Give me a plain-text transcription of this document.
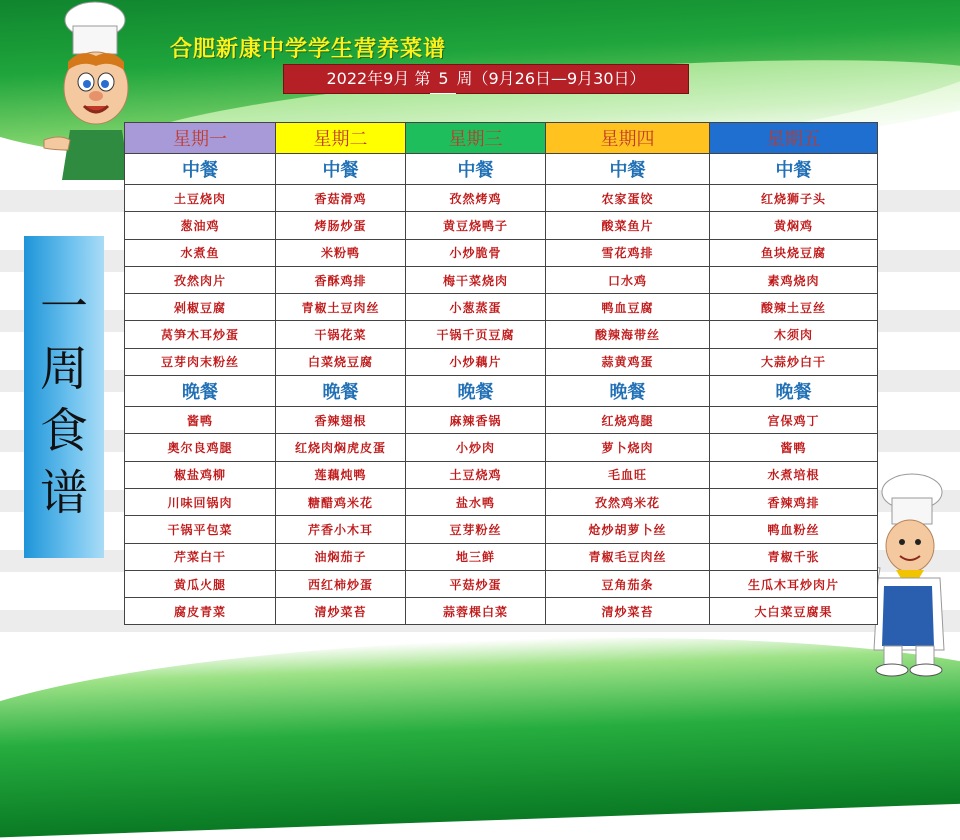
合肥新康中学学生营养菜谱
2022年9月 第 5 周（9月26日—9月30日）
一
周
食
谱
星期一	星期二	星期三	星期四	星期五
中餐	中餐	中餐	中餐	中餐
土豆烧肉	香菇滑鸡	孜然烤鸡	农家蛋饺	红烧狮子头
葱油鸡	烤肠炒蛋	黄豆烧鸭子	酸菜鱼片	黄焖鸡
水煮鱼	米粉鸭	小炒脆骨	雪花鸡排	鱼块烧豆腐
孜然肉片	香酥鸡排	梅干菜烧肉	口水鸡	素鸡烧肉
剁椒豆腐	青椒土豆肉丝	小葱蒸蛋	鸭血豆腐	酸辣土豆丝
莴笋木耳炒蛋	干锅花菜	干锅千页豆腐	酸辣海带丝	木须肉
豆芽肉末粉丝	白菜烧豆腐	小炒藕片	蒜黄鸡蛋	大蒜炒白干
晚餐	晚餐	晚餐	晚餐	晚餐
酱鸭	香辣翅根	麻辣香锅	红烧鸡腿	宫保鸡丁
奥尔良鸡腿	红烧肉焖虎皮蛋	小炒肉	萝卜烧肉	酱鸭
椒盐鸡柳	莲藕炖鸭	土豆烧鸡	毛血旺	水煮培根
川味回锅肉	糖醋鸡米花	盐水鸭	孜然鸡米花	香辣鸡排
干锅平包菜	芹香小木耳	豆芽粉丝	炝炒胡萝卜丝	鸭血粉丝
芹菜白干	油焖茄子	地三鲜	青椒毛豆肉丝	青椒千张
黄瓜火腿	西红柿炒蛋	平菇炒蛋	豆角茄条	生瓜木耳炒肉片
腐皮青菜	清炒菜苔	蒜蓉棵白菜	清炒菜苔	大白菜豆腐果
